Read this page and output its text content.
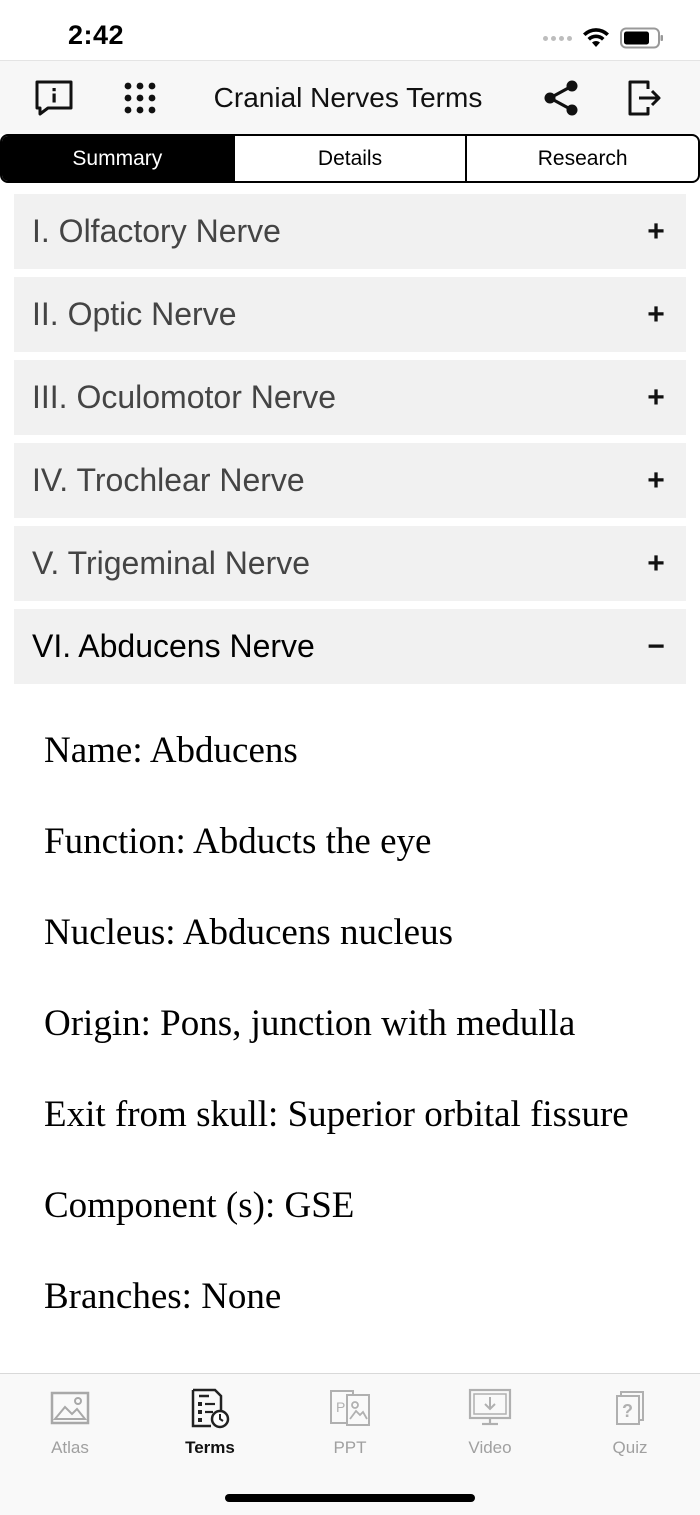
2:42
Cranial Nerves Terms
Summary	Details	Research
I. Olfactory Nerve	+
II. Optic Nerve	+
III. Oculomotor Nerve	+
IV. Trochlear Nerve	+
V. Trigeminal Nerve	+
VI. Abducens Nerve	−

Name: Abducens

Function: Abducts the eye

Nucleus: Abducens nucleus

Origin: Pons, junction with medulla

Exit from skull: Superior orbital fissure

Component (s): GSE

Branches: None

Atlas	Terms
P
PPT	Video
?
Quiz
